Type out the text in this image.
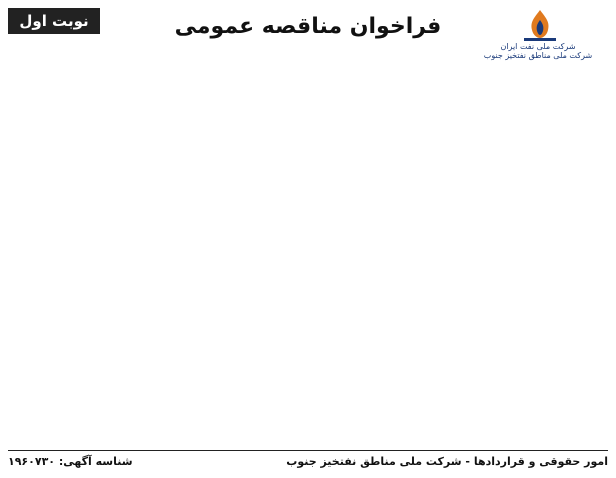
شرکت ملی نفت ایران
شرکت ملی مناطق نفتخیز جنوب
فراخوان مناقصه عمومی
نوبت اول
امور حقوقی و قراردادها - شرکت ملی مناطق نفتخیز جنوب
شناسه آگهی: ۱۹۶۰۷۳۰
